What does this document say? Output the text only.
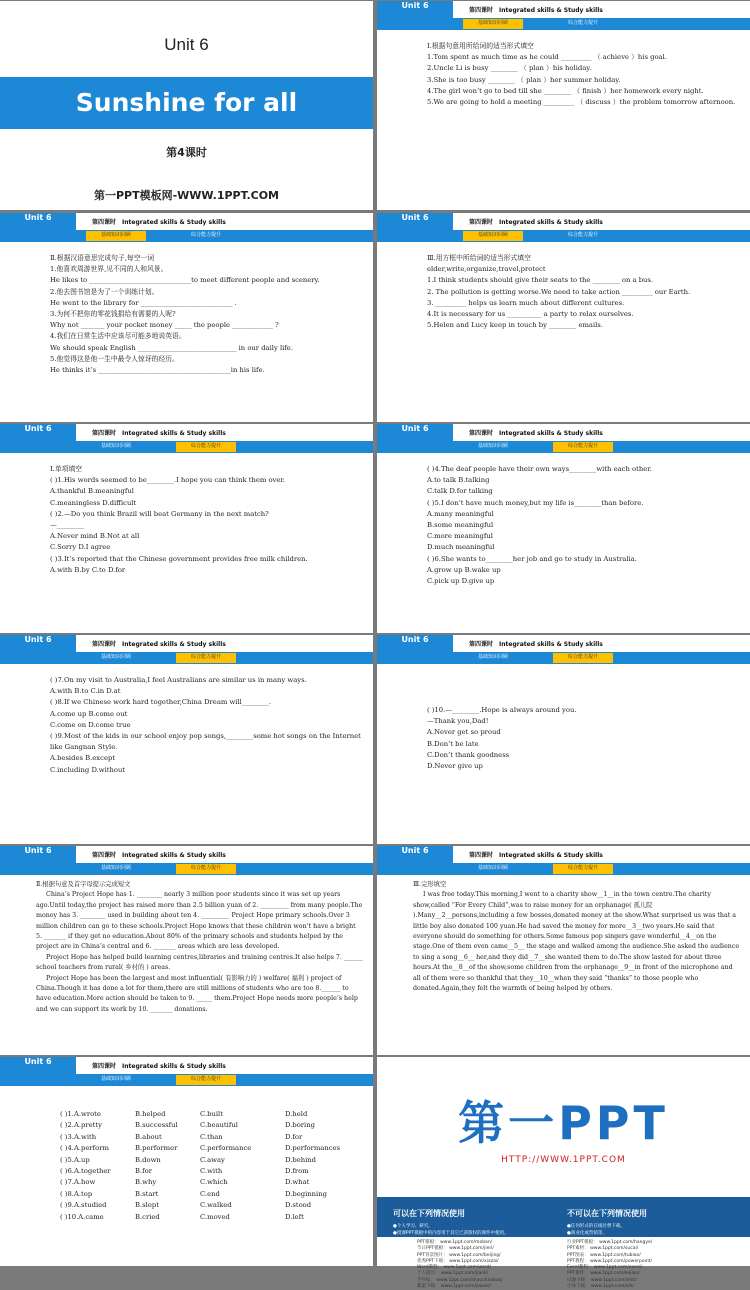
Unit 6
Sunshine for all
第4课时
第一PPT模板网-WWW.1PPT.COM
Unit 6
第四课时 Integrated skills & Study skills
基础知识回顾	综合能力提升
-2-
Ⅰ.根据句意用所给词的适当形式填空
1.Tom spent as much time as he could _________ （ achieve ）his goal.
2.Uncle Li is busy ________ （ plan ）his holiday.
3.She is too busy ________ （ plan ）her summer holiday.
4.The girl won’t go to bed till she ________ （ finish ）her homework every night.
5.We are going to hold a meeting _________ （ discuss ）the problem tomorrow afternoon.
Unit 6
第四课时 Integrated skills & Study skills
基础知识回顾	综合能力提升
-3-
Ⅱ.根据汉语意思完成句子,每空一词
1.他喜欢周游世界,见不同的人和风景。
He likes to ______________________________to meet different people and scenery.
2.他去图书馆是为了一个训练计划。
He went to the library for ___________________________ .
3.为何不把你的零花钱捐给有需要的人呢?
Why not _______ your pocket money _____ the people ____________ ?
4.我们在日常生活中应该尽可能多地说英语。
We should speak English _____________________________ in our daily life.
5.他觉得这是他一生中最令人惊讶的经历。
He thinks it’s _______________________________________in his life.
Unit 6
第四课时 Integrated skills & Study skills
基础知识回顾	综合能力提升
-4-
Ⅲ.用方框中所给词的适当形式填空
elder,write,organize,travel,protect
1.I think students should give their seats to the ________ on a bus.
2. The pollution is getting worse.We need to take action _________ our Earth.
3. _________ helps us learn much about different cultures.
4.It is necessary for us __________ a party to relax ourselves.
5.Helen and Lucy keep in touch by ________ emails.
Unit 6
第四课时 Integrated skills & Study skills
基础知识回顾	综合能力提升
-5-
Ⅰ.单项填空
( )1.His words seemed to be________.I hope you can think them over.
A.thankful B.meaningful
C.meaningless D.difficult
( )2.—Do you think Brazil will beat Germany in the next match?
—________
A.Never mind B.Not at all
C.Sorry D.I agree
( )3.It’s reported that the Chinese government provides free milk children.
A.with B.by C.to D.for
Unit 6
第四课时 Integrated skills & Study skills
基础知识回顾	综合能力提升
-6-
( )4.The deaf people have their own ways________with each other.
A.to talk B.talking
C.talk D.for talking
( )5.I don’t have much money,but my life is________than before.
A.many meaningful
B.some meaningful
C.more meaningful
D.much meaningful
( )6.She wants to________her job and go to study in Australia.
A.grow up B.wake up
C.pick up D.give up
Unit 6
第四课时 Integrated skills & Study skills
基础知识回顾	综合能力提升
-7-
( )7.On my visit to Australia,I feel Australians are similar us in many ways.
A.with B.to C.in D.at
( )8.If we Chinese work hard together,China Dream will________.
A.come up B.come out
C.come on D.come true
( )9.Most of the kids in our school enjoy pop songs,________some hot songs on the Internet like Gangnan Style.
A.besides B.except
C.including D.without
Unit 6
第四课时 Integrated skills & Study skills
基础知识回顾	综合能力提升
-8-
( )10.—________.Hope is always around you.
—Thank you,Dad!
A.Never get so proud
B.Don’t be late
C.Don’t thank goodness
D.Never give up
Unit 6
第四课时 Integrated skills & Study skills
基础知识回顾	综合能力提升
-9-
Ⅱ.根据句意及首字母提示完成短文
China’s Project Hope has 1. ________ nearly 3 million poor students since it was set up years ago.Until today,the project has raised more than 2.5 billion yuan of 2. _________ from many people.The money has 3. ________ used in building about ten 4. _________ Project Hope primary schools.Over 3 million children can go to these schools.Project Hope knows that these children won’t have a bright 5. _______ if they get no education.About 80% of the primary schools and students helped by the project are in China’s central and 6. _______ areas which are less developed.
Project Hope has helped build learning centres,libraries and training centres.It also helps 7. ______ school teachers from rural( 乡村的 ) areas.
Project Hope has been the largest and most influential( 有影响力的 ) welfare( 福利 ) project of China.Though it has done a lot for them,there are still millions of students who are too 8.______ to have education.More action should be taken to 9. _____ them.Project Hope needs more people’s help and we can support its work by 10. _______ donations.
Unit 6
第四课时 Integrated skills & Study skills
基础知识回顾	综合能力提升
-10-
Ⅲ.完形填空
I was free today.This morning,I went to a charity show__1__in the town centre.The charity show,called “For Every Child”,was to raise money for an orphanage( 孤儿院 ).Many__2__persons,including a few bosses,donated money at the show.What surprised us was that a little boy also donated 100 yuan.He had saved the money for more__3__two years.He said that everyone should do something for others.Some famous pop singers gave wonderful__4__on the stage.One of them even came__5__ the stage and walked among the audience.She asked the audience to sing a song__6__ her,and they did__7__she wanted them to do.The show lasted for about three hours.At the__8__of the show,some children from the orphanage__9__in front of the microphone and all of them were so thankful that they__10__when they said “thanks” to those people who donated.Again,they felt the warmth of being helped by others.
Unit 6
第四课时 Integrated skills & Study skills
基础知识回顾	综合能力提升
-11-
( )1.A.wrote	B.helped	C.built	D.held
( )2.A.pretty	B.successful	C.beautiful	D.boring
( )3.A.with	B.about	C.than	D.for
( )4.A.perform	B.performer	C.performance	D.performances
( )5.A.up	B.down	C.away	D.behind
( )6.A.together	B.for	C.with	D.from
( )7.A.how	B.why	C.which	D.what
( )8.A.top	B.start	C.end	D.beginning
( )9.A.studied	B.slept	C.walked	D.stood
( )10.A.came	B.cried	C.moved	D.left
第一PPT
HTTP://WWW.1PPT.COM
可以在下列情况使用
●个人学习、研究。
●授课PPT模板中的内容用于其它已获版权的课件中使用。
不可以在下列情况使用
●任何形式的在线付费下载。
●商业化或营销等。
PPT模板： www.1ppt.com/moban/
节日PPT模板： www.1ppt.com/jieri/
PPT背景图片： www.1ppt.com/beijing/
优秀PPT下载： www.1ppt.com/xiazai/
Word教程： www.1ppt.com/word/
个人简历： www.1ppt.com/jianli/
手抄报： www.1ppt.com/shouchaobao/
教案下载： www.1ppt.com/jiaoan/
行业PPT模板： www.1ppt.com/hangye/
PPT素材： www.1ppt.com/sucai/
PPT图表： www.1ppt.com/tubiao/
PPT教程： www.1ppt.com/powerpoint/
Excel教程： www.1ppt.com/excel/
PPT课件： www.1ppt.com/kejian/
试题下载： www.1ppt.com/shiti/
字体下载： www.1ppt.com/ziti/
